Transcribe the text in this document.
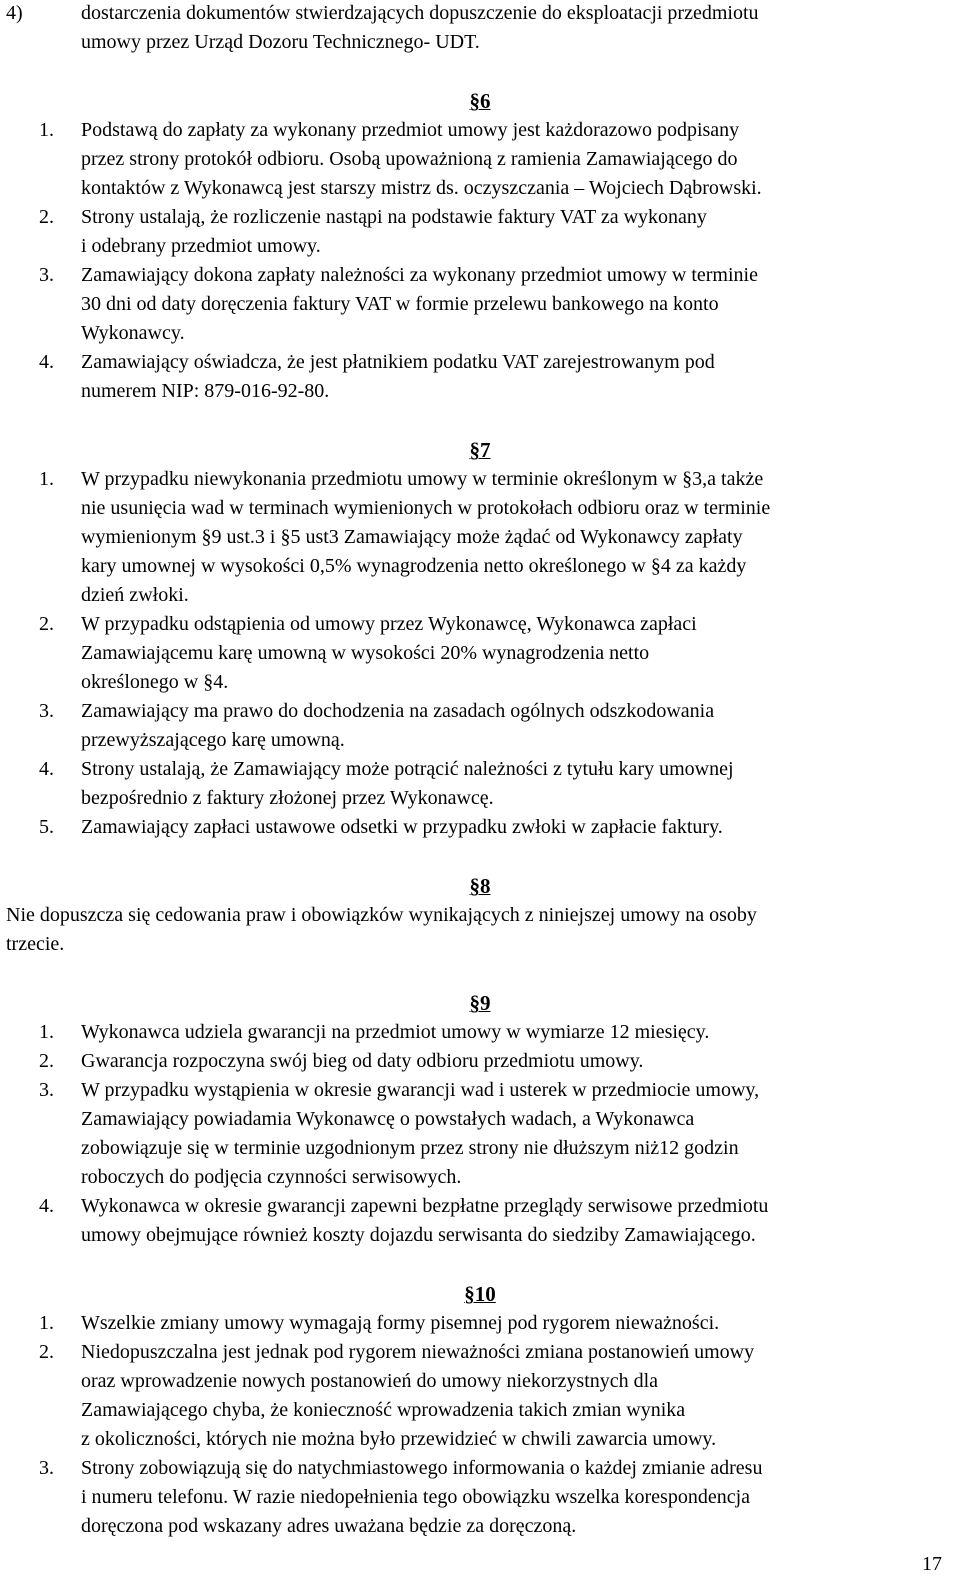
4)	dostarczenia dokumentów stwierdzających dopuszczenie do eksploatacji przedmiotu
umowy przez Urząd Dozoru Technicznego- UDT.
§6
1. Podstawą do zapłaty za wykonany przedmiot umowy jest każdorazowo podpisany
przez strony protokół odbioru. Osobą upoważnioną z ramienia Zamawiającego do
kontaktów z Wykonawcą jest starszy mistrz ds. oczyszczania – Wojciech Dąbrowski.
2. Strony ustalają, że rozliczenie nastąpi na podstawie faktury VAT za wykonany
i odebrany przedmiot umowy.
3. Zamawiający dokona zapłaty należności za wykonany przedmiot umowy w terminie
30 dni od daty doręczenia faktury VAT w formie przelewu bankowego na konto
Wykonawcy.
4. Zamawiający oświadcza, że jest płatnikiem podatku VAT zarejestrowanym pod
numerem NIP: 879-016-92-80.
§7
1. W przypadku niewykonania przedmiotu umowy w terminie określonym w §3,a także
nie usunięcia wad w terminach wymienionych w protokołach odbioru oraz w terminie
wymienionym §9 ust.3 i §5 ust3 Zamawiający może żądać od Wykonawcy zapłaty
kary umownej w wysokości 0,5% wynagrodzenia netto określonego w §4 za każdy
dzień zwłoki.
2. W przypadku odstąpienia od umowy przez Wykonawcę, Wykonawca zapłaci
Zamawiającemu karę umowną w wysokości 20% wynagrodzenia netto
określonego w §4.
3. Zamawiający ma prawo do dochodzenia na zasadach ogólnych odszkodowania
przewyższającego karę umowną.
4. Strony ustalają, że Zamawiający może potrącić należności z tytułu kary umownej
bezpośrednio z faktury złożonej przez Wykonawcę.
5. Zamawiający zapłaci ustawowe odsetki w przypadku zwłoki w zapłacie faktury.
§8
Nie dopuszcza się cedowania praw i obowiązków wynikających z niniejszej umowy na osoby
trzecie.
§9
1. Wykonawca udziela gwarancji na przedmiot umowy w wymiarze 12 miesięcy.
2. Gwarancja rozpoczyna swój bieg od daty odbioru przedmiotu umowy.
3. W przypadku wystąpienia w okresie gwarancji wad i usterek w przedmiocie umowy,
Zamawiający powiadamia Wykonawcę o powstałych wadach, a Wykonawca
zobowiązuje się w terminie uzgodnionym przez strony nie dłuższym niż12 godzin
roboczych do podjęcia czynności serwisowych.
4. Wykonawca w okresie gwarancji zapewni bezpłatne przeglądy serwisowe przedmiotu
umowy obejmujące również koszty dojazdu serwisanta do siedziby Zamawiającego.
§10
1. Wszelkie zmiany umowy wymagają formy pisemnej pod rygorem nieważności.
2. Niedopuszczalna jest jednak pod rygorem nieważności zmiana postanowień umowy
oraz wprowadzenie nowych postanowień do umowy niekorzystnych dla
Zamawiającego chyba, że konieczność wprowadzenia takich zmian wynika
z okoliczności, których nie można było przewidzieć w chwili zawarcia umowy.
3. Strony zobowiązują się do natychmiastowego informowania o każdej zmianie adresu
i numeru telefonu. W razie niedopełnienia tego obowiązku wszelka korespondencja
doręczona pod wskazany adres uważana będzie za doręczoną.
17
